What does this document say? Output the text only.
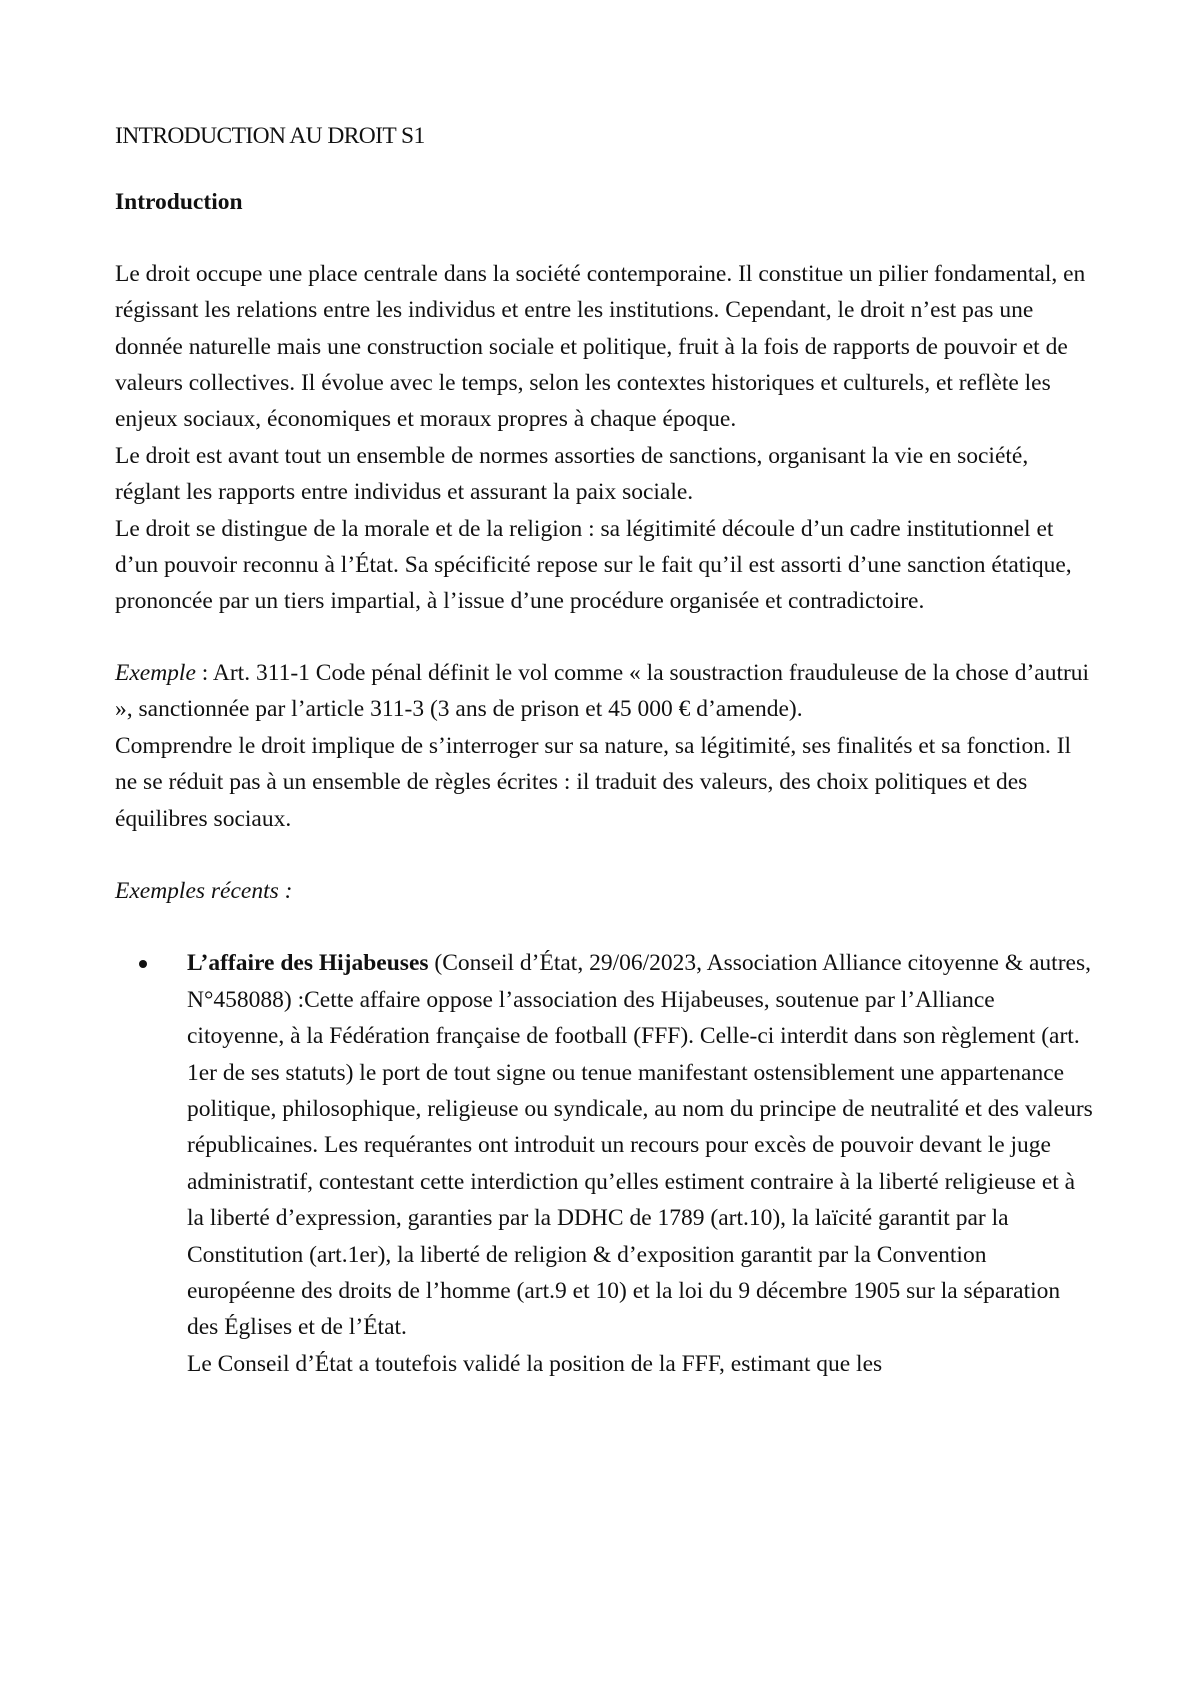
INTRODUCTION AU DROIT S1
Introduction

Le droit occupe une place centrale dans la société contemporaine. Il constitue un pilier fondamental, en régissant les relations entre les individus et entre les institutions. Cependant, le droit n’est pas une donnée naturelle mais une construction sociale et politique, fruit à la fois de rapports de pouvoir et de valeurs collectives. Il évolue avec le temps, selon les contextes historiques et culturels, et reflète les enjeux sociaux, économiques et moraux propres à chaque époque.

Le droit est avant tout un ensemble de normes assorties de sanctions, organisant la vie en société, réglant les rapports entre individus et assurant la paix sociale.

Le droit se distingue de la morale et de la religion : sa légitimité découle d’un cadre institutionnel et d’un pouvoir reconnu à l’État. Sa spécificité repose sur le fait qu’il est assorti d’une sanction étatique, prononcée par un tiers impartial, à l’issue d’une procédure organisée et contradictoire.

Exemple : Art. 311-1 Code pénal définit le vol comme « la soustraction frauduleuse de la chose d’autrui », sanctionnée par l’article 311-3 (3 ans de prison et 45 000 € d’amende).

Comprendre le droit implique de s’interroger sur sa nature, sa légitimité, ses finalités et sa fonction. Il ne se réduit pas à un ensemble de règles écrites : il traduit des valeurs, des choix politiques et des équilibres sociaux.

Exemples récents :
L’affaire des Hijabeuses (Conseil d’État, 29/06/2023, Association Alliance citoyenne & autres, N°458088) :Cette affaire oppose l’association des Hijabeuses, soutenue par l’Alliance citoyenne, à la Fédération française de football (FFF). Celle-ci interdit dans son règlement (art. 1er de ses statuts) le port de tout signe ou tenue manifestant ostensiblement une appartenance politique, philosophique, religieuse ou syndicale, au nom du principe de neutralité et des valeurs républicaines. Les requérantes ont introduit un recours pour excès de pouvoir devant le juge administratif, contestant cette interdiction qu’elles estiment contraire à la liberté religieuse et à la liberté d’expression, garanties par la DDHC de 1789 (art.10), la laïcité garantit par la Constitution (art.1er), la liberté de religion & d’exposition garantit par la Convention européenne des droits de l’homme (art.9 et 10) et la loi du 9 décembre 1905 sur la séparation des Églises et de l’État.
Le Conseil d’État a toutefois validé la position de la FFF, estimant que les
